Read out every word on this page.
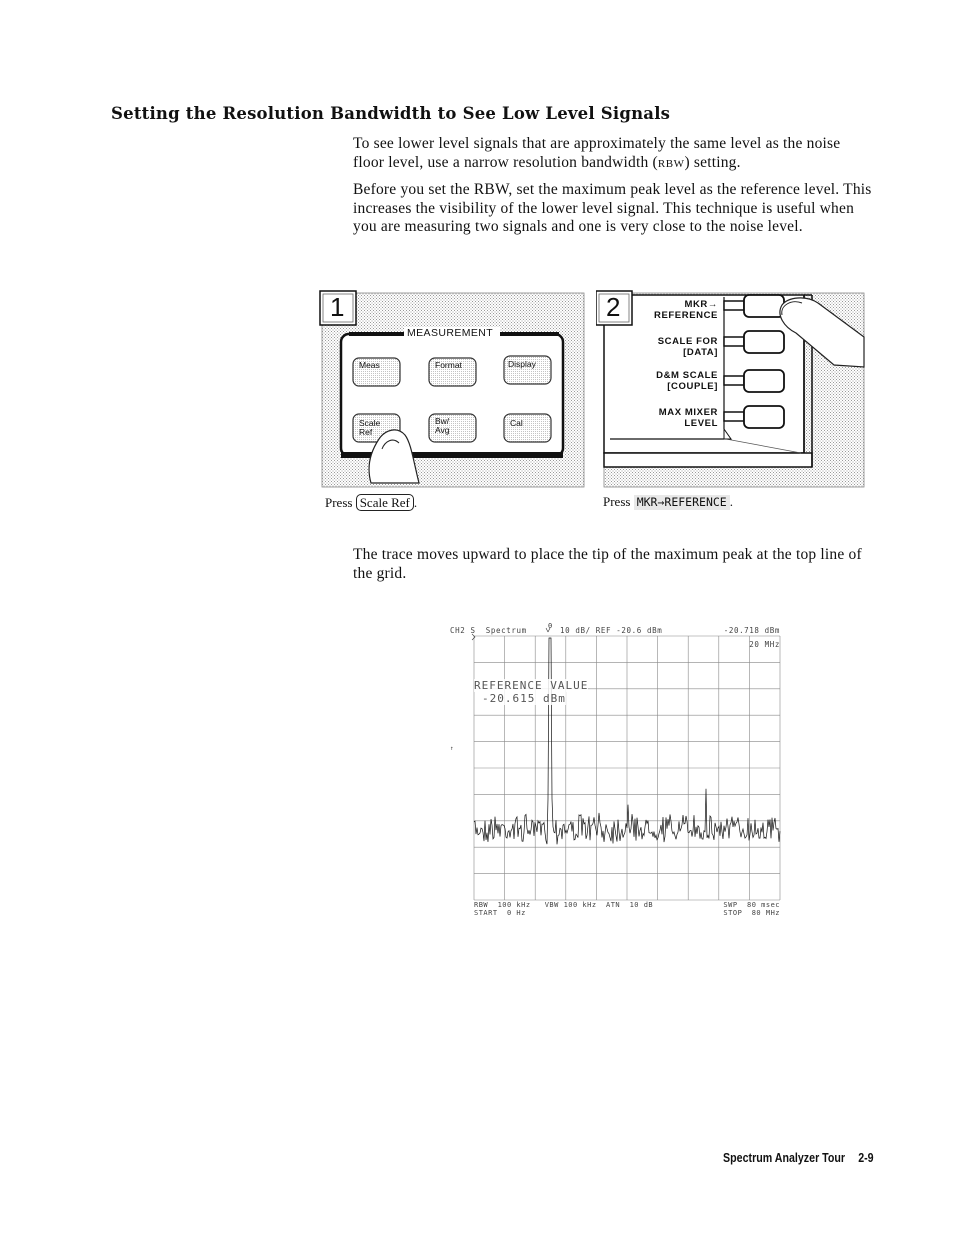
Setting the Resolution Bandwidth to See Low Level Signals
To see lower level signals that are approximately the same level as the noise floor level, use a narrow resolution bandwidth (RBW) setting.
Before you set the RBW, set the maximum peak level as the reference level. This increases the visibility of the lower level signal. This technique is useful when you are measuring two signals and one is very close to the noise level.
1
MEASUREMENT
Meas	Format	Display
Scale
Ref
Bw/
Avg
Cal
Press Scale Ref .
2	MKR→
REFERENCE
SCALE FOR
[DATA]
D&M SCALE
[COUPLE]
MAX MIXER
LEVEL
Press MKR→REFERENCE .
The trace moves upward to place the tip of the maximum peak at the top line of the grid.
0
↑
CH2 S  Spectrum	10 dB/ REF -20.6 dBm	-20.718 dBm
20 MHz
REFERENCE VALUE
-20.615 dBm
RBW  100 kHz   VBW 100 kHz  ATN  10 dB	SWP  80 msec
START  0 Hz	STOP  80 MHz
Spectrum Analyzer Tour 2-9
